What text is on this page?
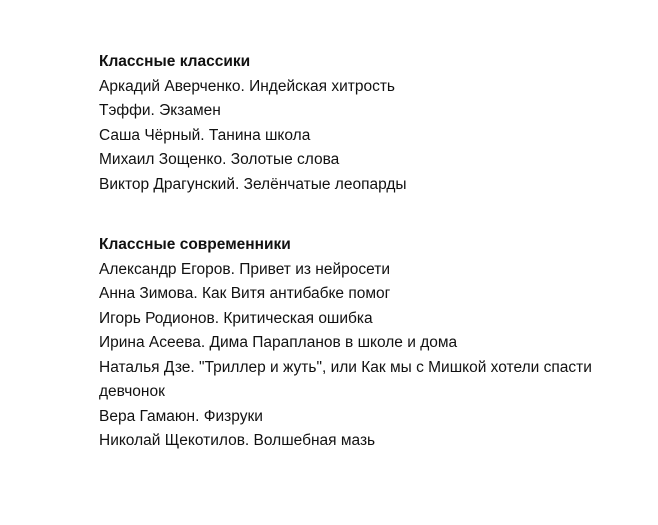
Классные классики

Аркадий Аверченко. Индейская хитрость

Тэффи. Экзамен

Саша Чёрный. Танина школа

Михаил Зощенко. Золотые слова

Виктор Драгунский. Зелёнчатые леопарды

Классные современники

Александр Егоров. Привет из нейросети

Анна Зимова. Как Витя антибабке помог

Игорь Родионов. Критическая ошибка

Ирина Асеева. Дима Парапланов в школе и дома

Наталья Дзе. "Триллер и жуть", или Как мы с Мишкой хотели спасти девчонок

Вера Гамаюн. Физруки

Николай Щекотилов. Волшебная мазь
